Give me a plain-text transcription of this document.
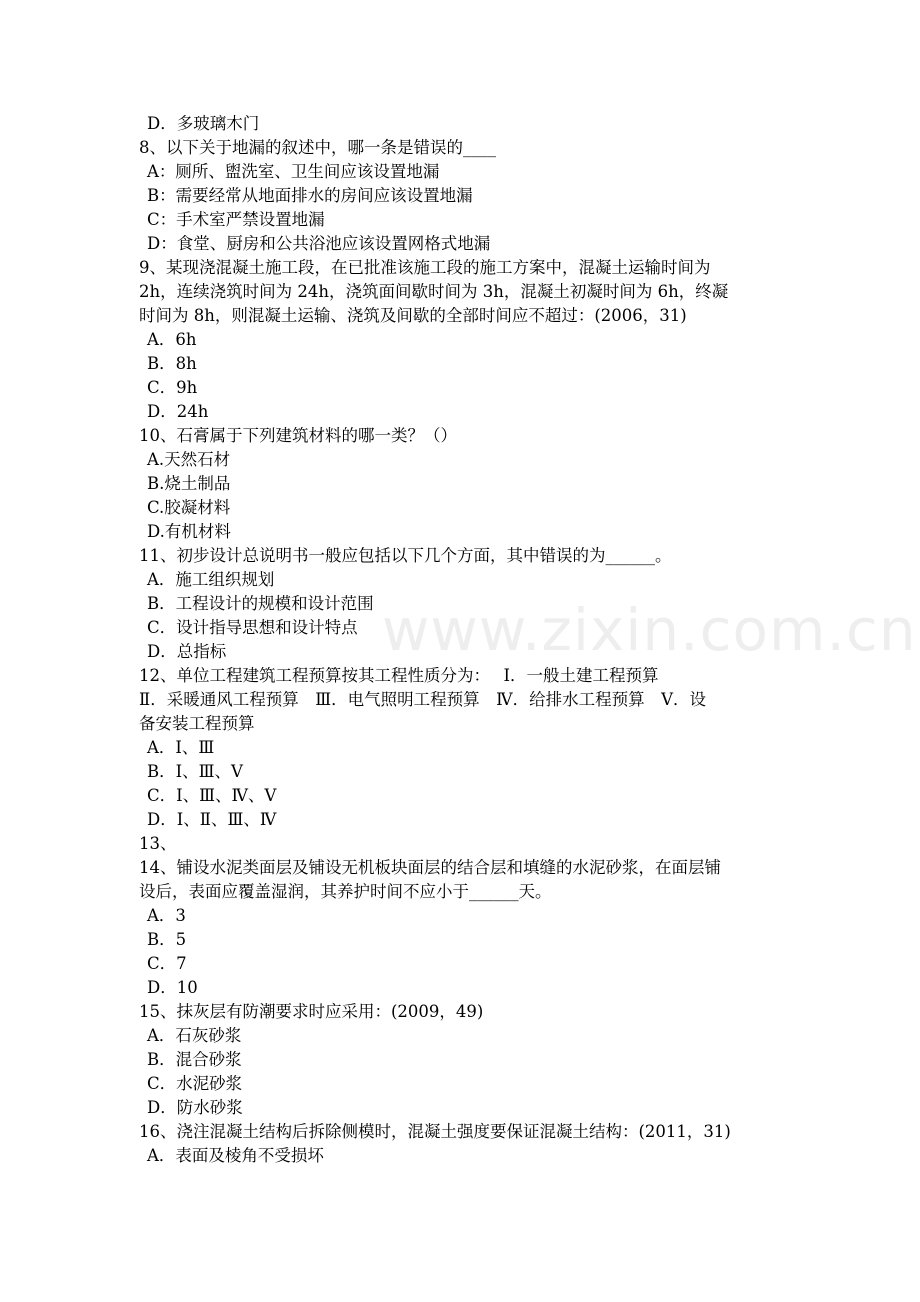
D．多玻璃木门
8、以下关于地漏的叙述中，哪一条是错误的____
A：厕所、盥洗室、卫生间应该设置地漏
B：需要经常从地面排水的房间应该设置地漏
C：手术室严禁设置地漏
D：食堂、厨房和公共浴池应该设置网格式地漏
9、某现浇混凝土施工段，在已批准该施工段的施工方案中，混凝土运输时间为
2h，连续浇筑时间为 24h，浇筑面间歇时间为 3h，混凝土初凝时间为 6h，终凝
时间为 8h，则混凝土运输、浇筑及间歇的全部时间应不超过：(2006，31)
A．6h
B．8h
C．9h
D．24h
10、石膏属于下列建筑材料的哪一类？（）
A.天然石材
B.烧土制品
C.胶凝材料
D.有机材料
11、初步设计总说明书一般应包括以下几个方面，其中错误的为______。
A．施工组织规划
B．工程设计的规模和设计范围
C．设计指导思想和设计特点
D．总指标
12、单位工程建筑工程预算按其工程性质分为：　 Ⅰ．一般土建工程预算
Ⅱ．采暖通风工程预算　Ⅲ．电气照明工程预算　Ⅳ．给排水工程预算　Ⅴ．设
备安装工程预算
A．Ⅰ、Ⅲ
B．Ⅰ、Ⅲ、Ⅴ
C．Ⅰ、Ⅲ、Ⅳ、Ⅴ
D．Ⅰ、Ⅱ、Ⅲ、Ⅳ
13、
14、铺设水泥类面层及铺设无机板块面层的结合层和填缝的水泥砂浆，在面层铺
设后，表面应覆盖湿润，其养护时间不应小于______天。
A．3
B．5
C．7
D．10
15、抹灰层有防潮要求时应采用：(2009，49)
A．石灰砂浆
B．混合砂浆
C．水泥砂浆
D．防水砂浆
16、浇注混凝土结构后拆除侧模时，混凝土强度要保证混凝土结构：(2011，31)
A．表面及棱角不受损坏
www.zixin.com.cn
